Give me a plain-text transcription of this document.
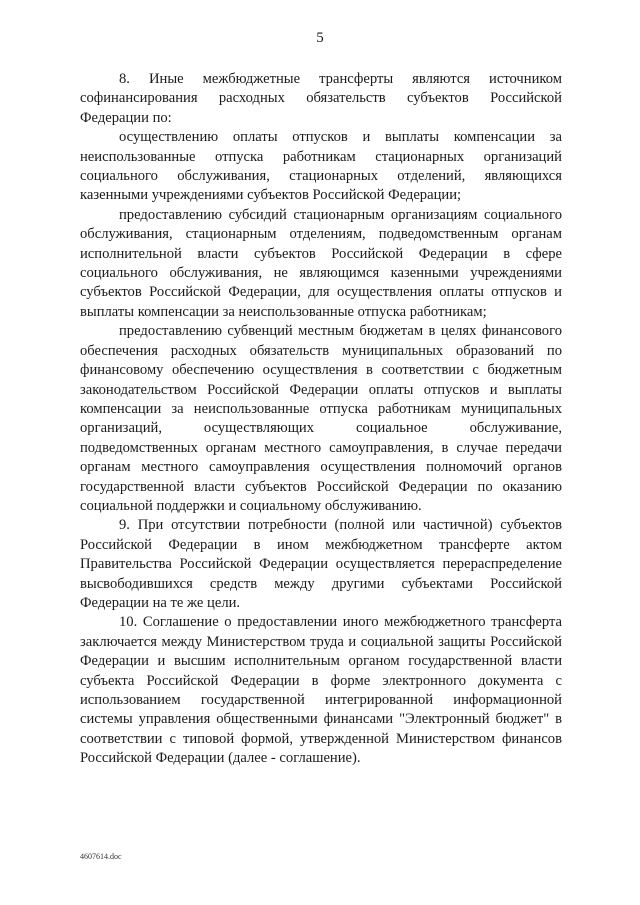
5

8. Иные межбюджетные трансферты являются источником софинансирования расходных обязательств субъектов Российской Федерации по:

осуществлению оплаты отпусков и выплаты компенсации за неиспользованные отпуска работникам стационарных организаций социального обслуживания, стационарных отделений, являющихся казенными учреждениями субъектов Российской Федерации;

предоставлению субсидий стационарным организациям социального обслуживания, стационарным отделениям, подведомственным органам исполнительной власти субъектов Российской Федерации в сфере социального обслуживания, не являющимся казенными учреждениями субъектов Российской Федерации, для осуществления оплаты отпусков и выплаты компенсации за неиспользованные отпуска работникам;

предоставлению субвенций местным бюджетам в целях финансового обеспечения расходных обязательств муниципальных образований по финансовому обеспечению осуществления в соответствии с бюджетным законодательством Российской Федерации оплаты отпусков и выплаты компенсации за неиспользованные отпуска работникам муниципальных организаций, осуществляющих социальное обслуживание, подведомственных органам местного самоуправления, в случае передачи органам местного самоуправления осуществления полномочий органов государственной власти субъектов Российской Федерации по оказанию социальной поддержки и социальному обслуживанию.

9. При отсутствии потребности (полной или частичной) субъектов Российской Федерации в ином межбюджетном трансферте актом Правительства Российской Федерации осуществляется перераспределение высвободившихся средств между другими субъектами Российской Федерации на те же цели.

10. Соглашение о предоставлении иного межбюджетного трансферта заключается между Министерством труда и социальной защиты Российской Федерации и высшим исполнительным органом государственной власти субъекта Российской Федерации в форме электронного документа с использованием государственной интегрированной информационной системы управления общественными финансами "Электронный бюджет" в соответствии с типовой формой, утвержденной Министерством финансов Российской Федерации (далее - соглашение).

4607614.doc
